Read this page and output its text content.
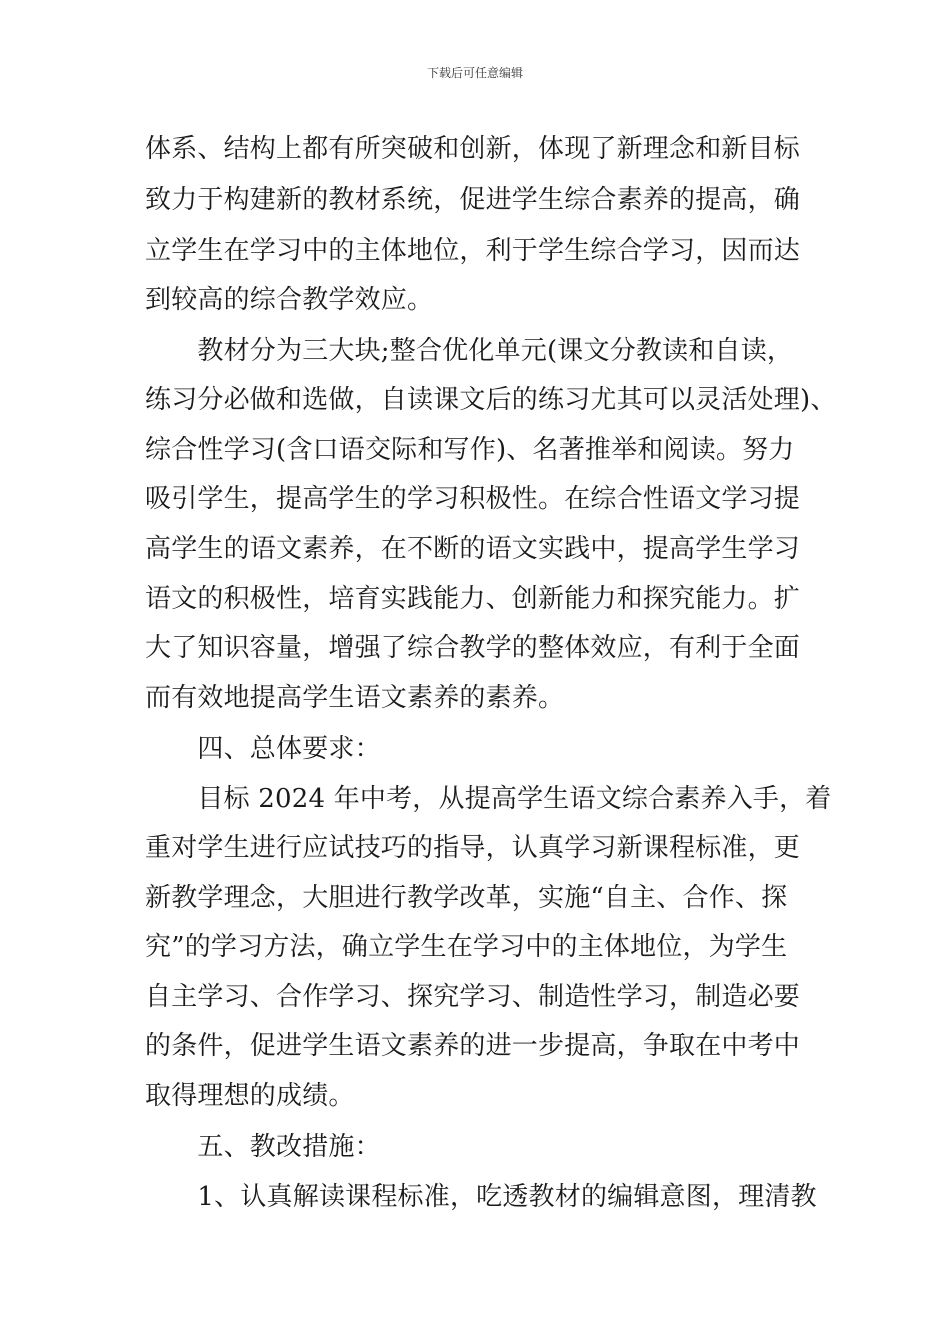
下载后可任意编辑
体系、结构上都有所突破和创新，体现了新理念和新目标
致力于构建新的教材系统，促进学生综合素养的提高，确
立学生在学习中的主体地位，利于学生综合学习，因而达
到较高的综合教学效应。
　　教材分为三大块;整合优化单元(课文分教读和自读，
练习分必做和选做，自读课文后的练习尤其可以灵活处理)、
综合性学习(含口语交际和写作)、名著推举和阅读。努力
吸引学生，提高学生的学习积极性。在综合性语文学习提
高学生的语文素养，在不断的语文实践中，提高学生学习
语文的积极性，培育实践能力、创新能力和探究能力。扩
大了知识容量，增强了综合教学的整体效应，有利于全面
而有效地提高学生语文素养的素养。
　　四、总体要求：
　　目标 2024 年中考，从提高学生语文综合素养入手，着
重对学生进行应试技巧的指导，认真学习新课程标准，更
新教学理念，大胆进行教学改革，实施“自主、合作、探
究”的学习方法，确立学生在学习中的主体地位，为学生
自主学习、合作学习、探究学习、制造性学习，制造必要
的条件，促进学生语文素养的进一步提高，争取在中考中
取得理想的成绩。
　　五、教改措施：
　　1、认真解读课程标准，吃透教材的编辑意图，理清教
